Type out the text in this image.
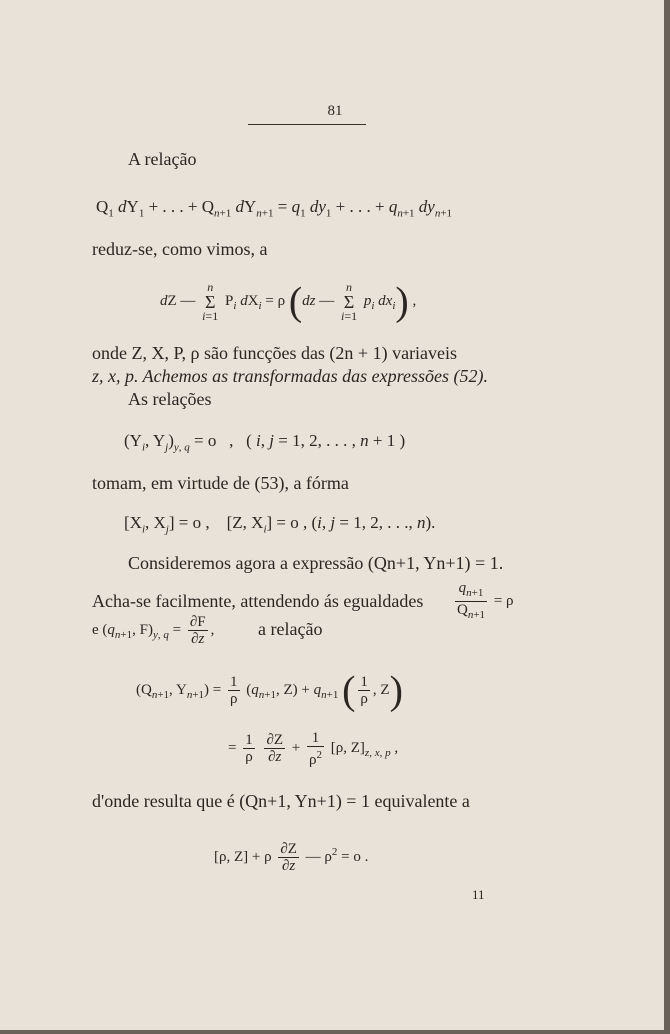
81
A relação
$Q_1$ $dY_1$ + . . . + $Q_{n+1}$ $dY_{n+1} = q_1$ $dy_1$ + . . . + $q_{n+1}$ $dy_{n+1}$
reduz-se, como vimos, a
dZ — n
Σ
i=1 $P_i$ $dX_i = \rho$ (dz — n
Σ
i=1 $p_i$ $dx_i$) ,
onde Z, X, P, ρ são funcções das (2n + 1) variaveis
z, x, p. Achemos as transformadas das expressões (52).
As relações
($Y_i$, $Y_j)_{y, q} = o$   ,   ( i, j = 1, 2, . . . , n + 1 )
tomam, em virtude de (53), a fórma
[$X_i$, $X_j] = o$ ,    [Z, $X_i] = o$ , (i, j = 1, 2, . . ., n).
Consideremos agora a expressão (Qn+1, Yn+1) = 1.
Acha-se facilmente, attendendo ás egualdades $\frac{q_{n+1}}{Q_{n+1}} = \rho$
e ($q_{n+1}$, $F)_{y, q} = \frac{\partial F}{\partial z}$ , a relação
($Q_{n+1}$, $Y_{n+1}) = \frac{1}{\rho} (q_{n+1}$, $Z) + q_{n+1}$ ( $\frac{1}{\rho}$ , Z)
= $\frac{1}{\rho}$
$\frac{\partial Z}{\partial z} + \frac{1}{\rho^2} [\rho$, $Z]_{z, x, p}$ ,
d'onde resulta que é (Qn+1, Yn+1) = 1 equivalente a
[ρ, Z] + ρ $\frac{\partial Z}{\partial z}$ — $\rho^2 = o$ .
11
